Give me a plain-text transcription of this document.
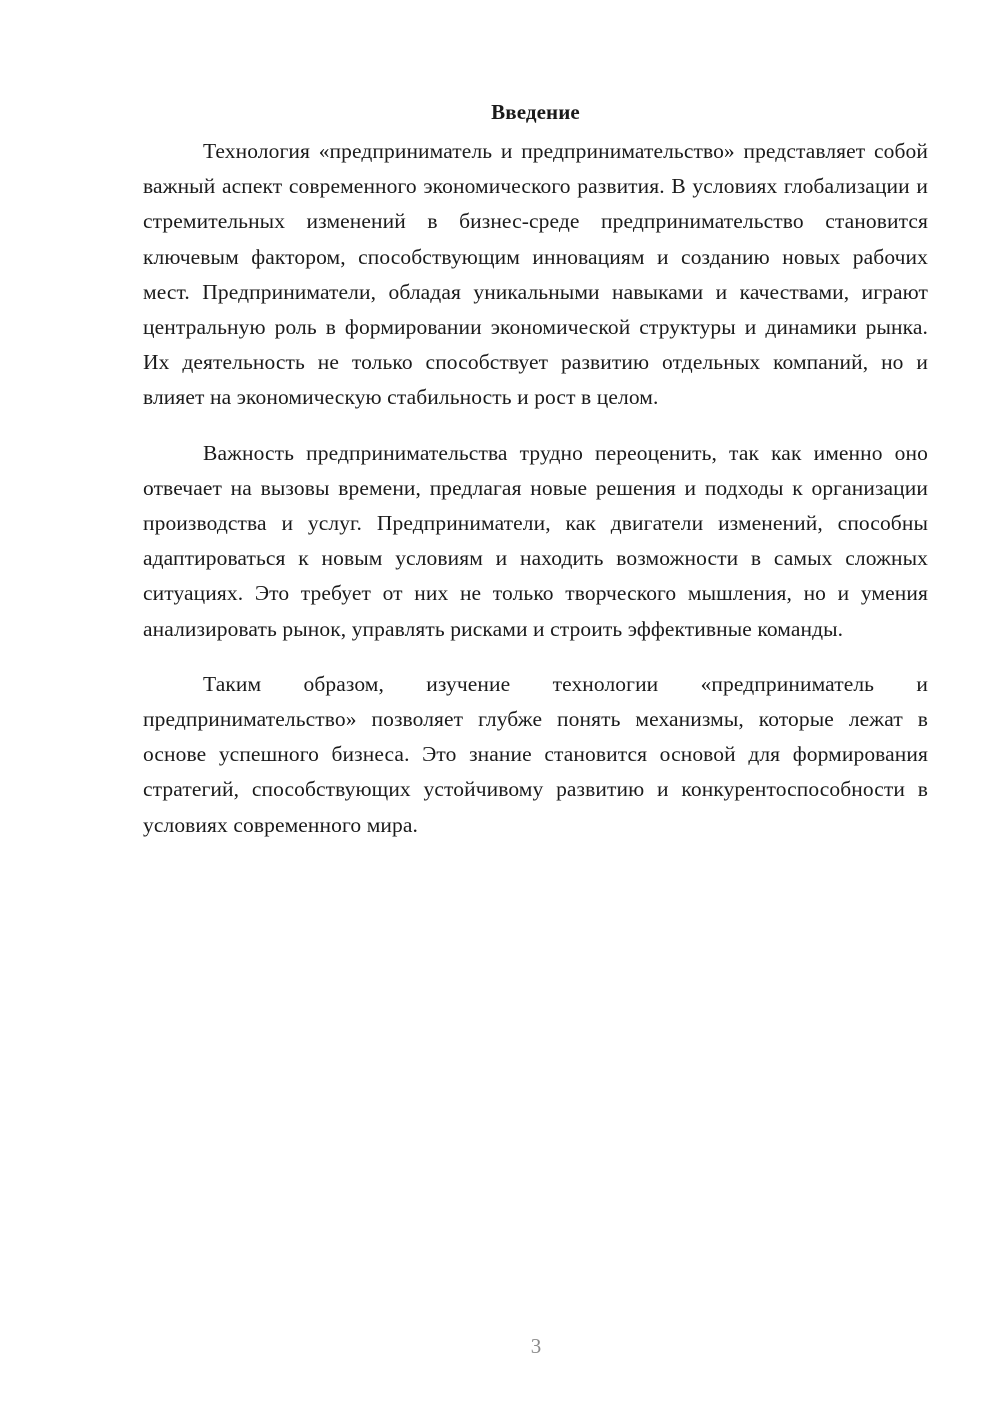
Введение

Технология «предприниматель и предпринимательство» представляет собой важный аспект современного экономического развития. В условиях глобализации и стремительных изменений в бизнес-среде предпринимательство становится ключевым фактором, способствующим инновациям и созданию новых рабочих мест. Предприниматели, обладая уникальными навыками и качествами, играют центральную роль в формировании экономической структуры и динамики рынка. Их деятельность не только способствует развитию отдельных компаний, но и влияет на экономическую стабильность и рост в целом.

Важность предпринимательства трудно переоценить, так как именно оно отвечает на вызовы времени, предлагая новые решения и подходы к организации производства и услуг. Предприниматели, как двигатели изменений, способны адаптироваться к новым условиям и находить возможности в самых сложных ситуациях. Это требует от них не только творческого мышления, но и умения анализировать рынок, управлять рисками и строить эффективные команды.

Таким образом, изучение технологии «предприниматель и предпринимательство» позволяет глубже понять механизмы, которые лежат в основе успешного бизнеса. Это знание становится основой для формирования стратегий, способствующих устойчивому развитию и конкурентоспособности в условиях современного мира.

3
